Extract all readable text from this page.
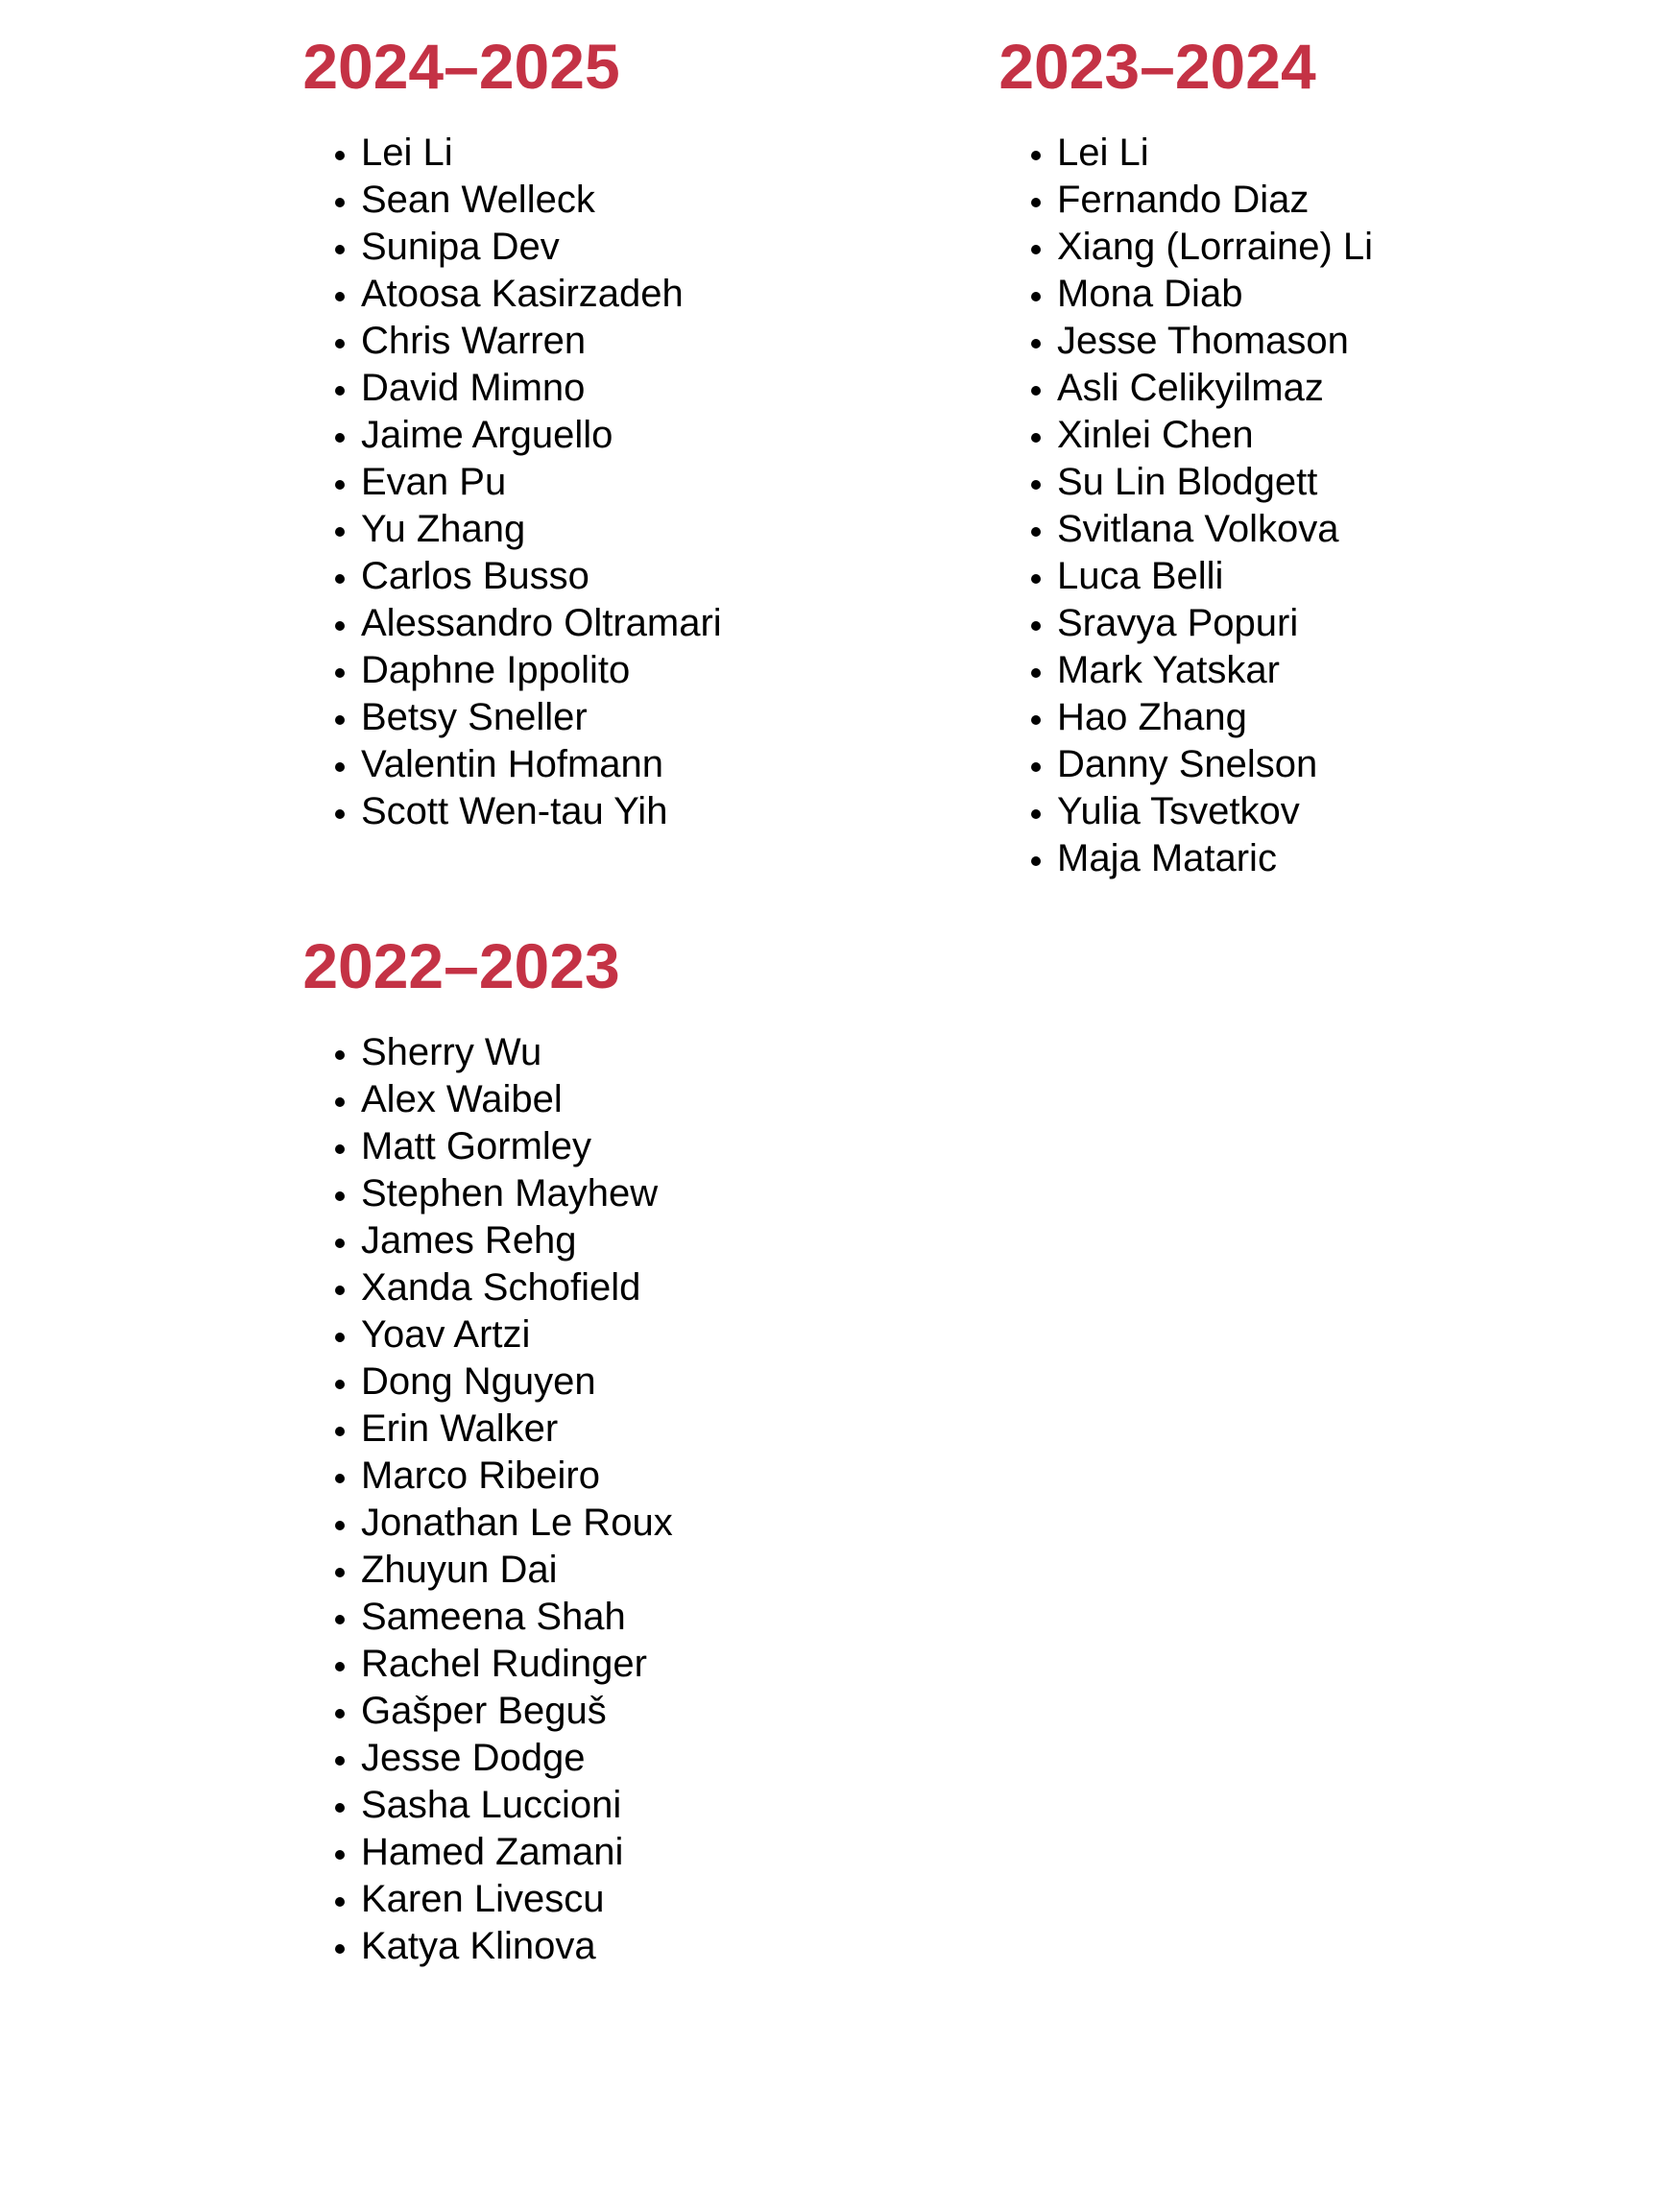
2024–2025
Lei Li
Sean Welleck
Sunipa Dev
Atoosa Kasirzadeh
Chris Warren
David Mimno
Jaime Arguello
Evan Pu
Yu Zhang
Carlos Busso
Alessandro Oltramari
Daphne Ippolito
Betsy Sneller
Valentin Hofmann
Scott Wen-tau Yih
2022–2023
Sherry Wu
Alex Waibel
Matt Gormley
Stephen Mayhew
James Rehg
Xanda Schofield
Yoav Artzi
Dong Nguyen
Erin Walker
Marco Ribeiro
Jonathan Le Roux
Zhuyun Dai
Sameena Shah
Rachel Rudinger
Gašper Beguš
Jesse Dodge
Sasha Luccioni
Hamed Zamani
Karen Livescu
Katya Klinova
2023–2024
Lei Li
Fernando Diaz
Xiang (Lorraine) Li
Mona Diab
Jesse Thomason
Asli Celikyilmaz
Xinlei Chen
Su Lin Blodgett
Svitlana Volkova
Luca Belli
Sravya Popuri
Mark Yatskar
Hao Zhang
Danny Snelson
Yulia Tsvetkov
Maja Mataric
